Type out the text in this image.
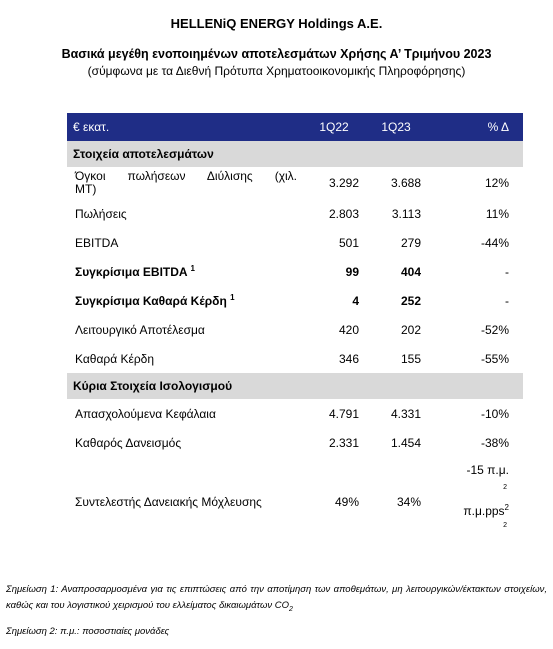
HELLENiQ ENERGY Holdings A.E.
Βασικά μεγέθη ενοποιημένων αποτελεσμάτων Χρήσης Α’ Τριμήνου 2023
(σύμφωνα με τα Διεθνή Πρότυπα Χρηματοοικονομικής Πληροφόρησης)
€ εκατ.	1Q22	1Q23	% Δ
Στοιχεία αποτελεσμάτων			

Όγκοι πωλήσεων Διύλισης (χιλ.
MT)	3.292	3.688	12%
Πωλήσεις	2.803	3.113	11%
EBITDA	501	279	-44%
Συγκρίσιμα EBITDA $^1$	99	404	-
Συγκρίσιμα Καθαρά Κέρδη $^1$	4	252	-
Λειτουργικό Αποτέλεσμα	420	202	-52%
Καθαρά Κέρδη	346	155	-55%
Κύρια Στοιχεία Ισολογισμού			
Απασχολούμενα Κεφάλαια	4.791	4.331	-10%
Καθαρός Δανεισμός	2.331	1.454	-38%
Συντελεστής Δανειακής Μόχλευσης	49%	34%	-15 π.μ.
2
π.μ.pps$^2$
2
Σημείωση 1: Αναπροσαρμοσμένα για τις επιπτώσεις από την αποτίμηση των αποθεμάτων, μη λειτουργικών/έκτακτων στοιχείων, καθώς και του λογιστικού χειρισμού του ελλείματος δικαιωμάτων $CO_2$
Σημείωση 2: π.μ.: ποσοστιαίες μονάδες
